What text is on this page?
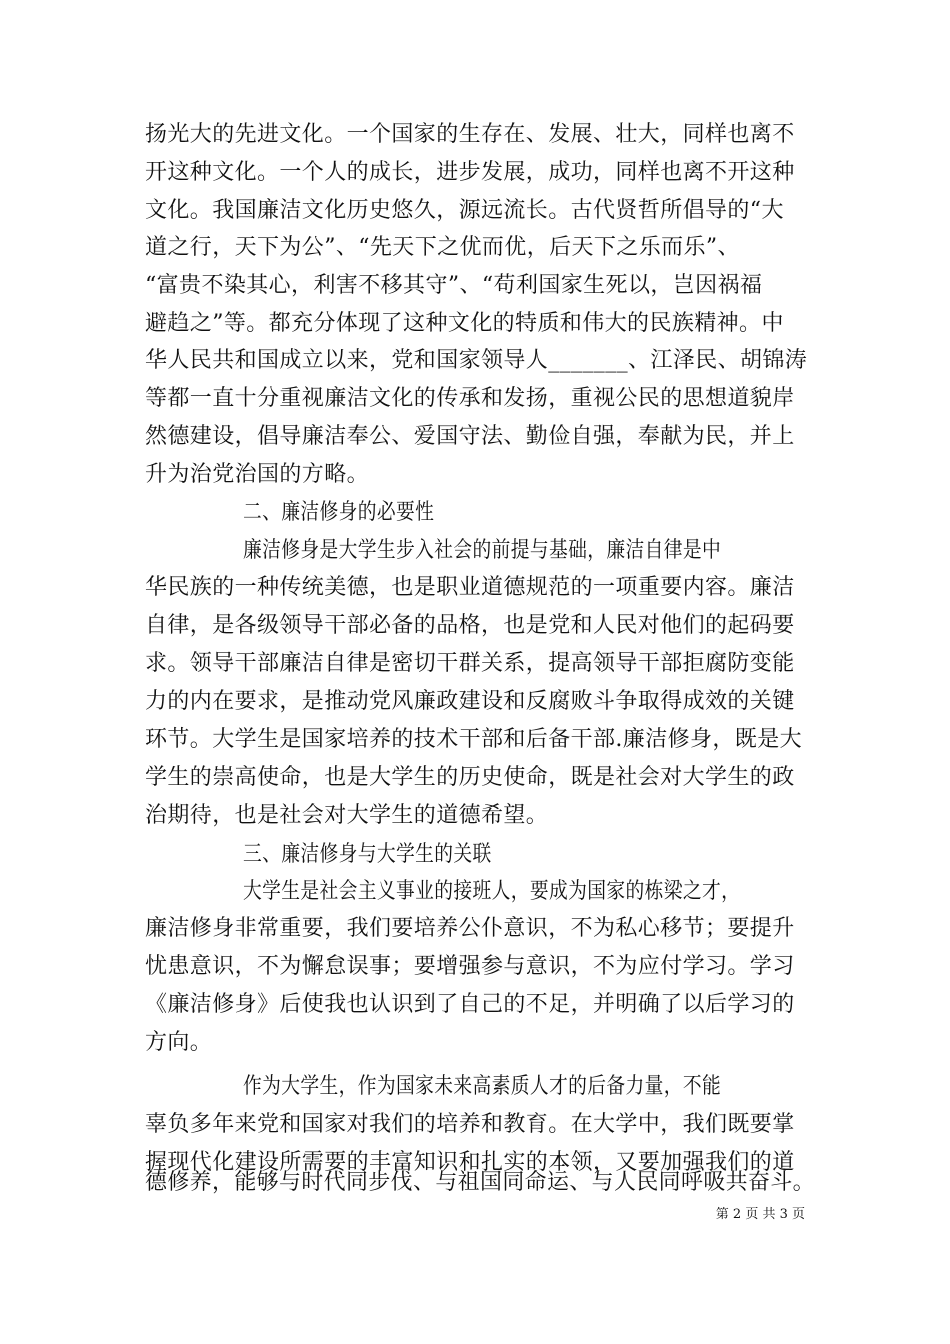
扬光大的先进文化。一个国家的生存在、发展、壮大，同样也离不
开这种文化。一个人的成长，进步发展，成功，同样也离不开这种
文化。我国廉洁文化历史悠久，源远流长。古代贤哲所倡导的“大
道之行，天下为公”、“先天下之优而优，后天下之乐而乐”、
“富贵不染其心，利害不移其守”、“苟利国家生死以，岂因祸福
避趋之”等。都充分体现了这种文化的特质和伟大的民族精神。中
华人民共和国成立以来，党和国家领导人_______、江泽民、胡锦涛
等都一直十分重视廉洁文化的传承和发扬，重视公民的思想道貌岸
然德建设，倡导廉洁奉公、爱国守法、勤俭自强，奉献为民，并上
升为治党治国的方略。
二、廉洁修身的必要性
廉洁修身是大学生步入社会的前提与基础，廉洁自律是中
华民族的一种传统美德，也是职业道德规范的一项重要内容。廉洁
自律，是各级领导干部必备的品格，也是党和人民对他们的起码要
求。领导干部廉洁自律是密切干群关系，提高领导干部拒腐防变能
力的内在要求，是推动党风廉政建设和反腐败斗争取得成效的关键
环节。大学生是国家培养的技术干部和后备干部.廉洁修身，既是大
学生的崇高使命，也是大学生的历史使命，既是社会对大学生的政
治期待，也是社会对大学生的道德希望。
三、廉洁修身与大学生的关联
大学生是社会主义事业的接班人，要成为国家的栋梁之才，
廉洁修身非常重要，我们要培养公仆意识，不为私心移节；要提升
忧患意识，不为懈怠误事；要增强参与意识，不为应付学习。学习
《廉洁修身》后使我也认识到了自己的不足，并明确了以后学习的
方向。
作为大学生，作为国家未来高素质人才的后备力量，不能
辜负多年来党和国家对我们的培养和教育。在大学中，我们既要掌
握现代化建设所需要的丰富知识和扎实的本领，又要加强我们的道
德修养，能够与时代同步伐、与祖国同命运、与人民同呼吸共奋斗。
第 2 页 共 3 页
